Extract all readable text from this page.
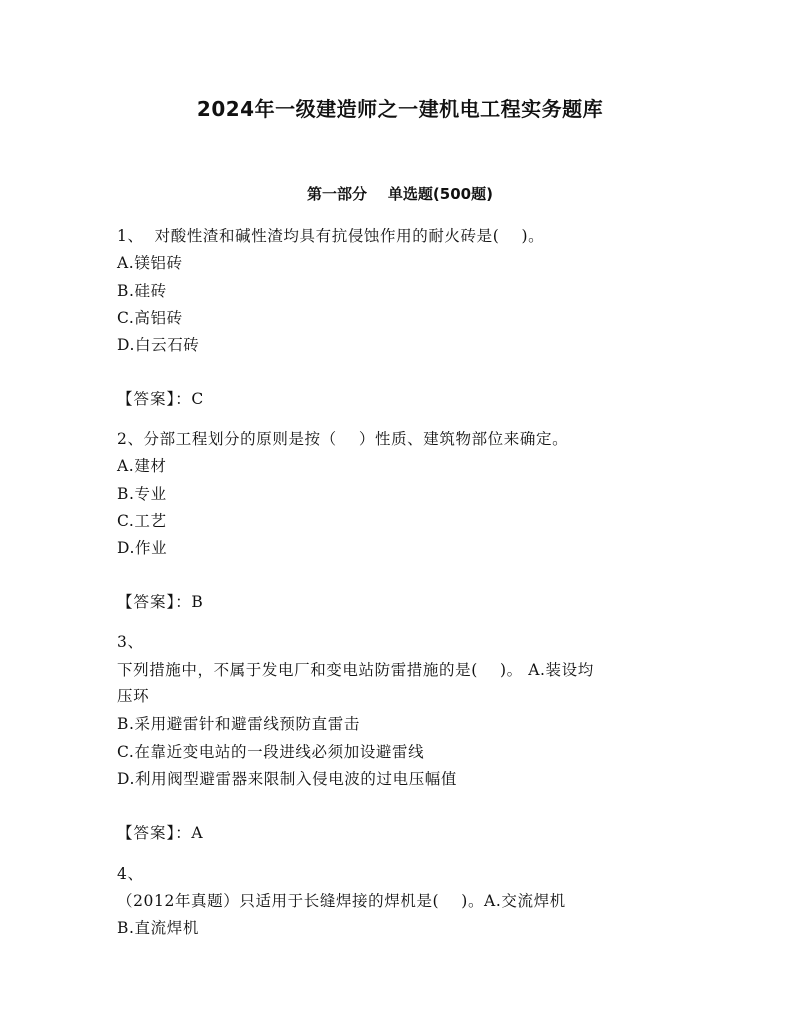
2024年一级建造师之一建机电工程实务题库
第一部分    单选题(500题)
1、  对酸性渣和碱性渣均具有抗侵蚀作用的耐火砖是(    )。
A.镁铝砖
B.硅砖
C.高铝砖
D.白云石砖
【答案】：C
2、分部工程划分的原则是按（    ）性质、建筑物部位来确定。
A.建材
B.专业
C.工艺
D.作业
【答案】：B
3、
下列措施中，不属于发电厂和变电站防雷措施的是(    )。 A.装设均
压环
B.采用避雷针和避雷线预防直雷击
C.在靠近变电站的一段进线必须加设避雷线
D.利用阀型避雷器来限制入侵电波的过电压幅值
【答案】：A
4、
（2012年真题）只适用于长缝焊接的焊机是(    )。A.交流焊机
B.直流焊机
